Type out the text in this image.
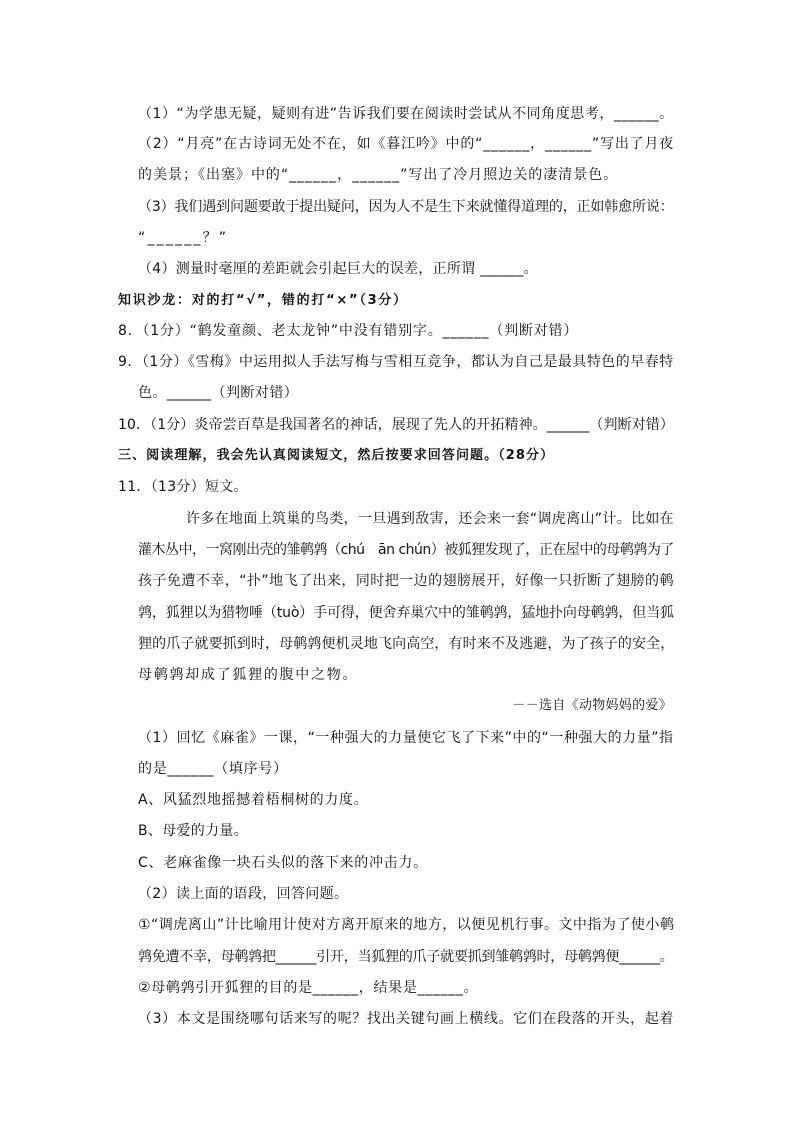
（1）“为学患无疑，疑则有进”告诉我们要在阅读时尝试从不同角度思考，______。
（2）“月亮”在古诗词无处不在，如《暮江吟》中的“______，______”写出了月夜
的美景；《出塞》中的“______，______”写出了冷月照边关的凄清景色。
（3）我们遇到问题要敢于提出疑问，因为人不是生下来就懂得道理的，正如韩愈所说：
“______？”
（4）测量时毫厘的差距就会引起巨大的误差，正所谓 ______。
知识沙龙：对的打“√”，错的打“×”（3分）
8．（1分）“鹤发童颜、老太龙钟”中没有错别字。______（判断对错）
9．（1分）《雪梅》中运用拟人手法写梅与雪相互竞争，都认为自己是最具特色的早春特
色。______（判断对错）
10．（1分）炎帝尝百草是我国著名的神话，展现了先人的开拓精神。______（判断对错）
三、阅读理解，我会先认真阅读短文，然后按要求回答问题。（28分）
11．（13分）短文。
许多在地面上筑巢的鸟类，一旦遇到敌害，还会来一套“调虎离山”计。比如在
灌木丛中，一窝刚出壳的雏鹌鹑（chú　ān chún）被狐狸发现了，正在屋中的母鹌鹑为了
孩子免遭不幸，“扑”地飞了出来，同时把一边的翅膀展开，好像一只折断了翅膀的鹌
鹑，狐狸以为猎物唾（tuò）手可得，便舍弃巢穴中的雏鹌鹑，猛地扑向母鹌鹑，但当狐
狸的爪子就要抓到时，母鹌鹑便机灵地飞向高空，有时来不及逃避，为了孩子的安全，
母鹌鹑却成了狐狸的腹中之物。
－－选自《动物妈妈的爱》
（1）回忆《麻雀》一课，“一种强大的力量使它飞了下来”中的“一种强大的力量”指
的是______（填序号）
A、风猛烈地摇撼着梧桐树的力度。
B、母爱的力量。
C、老麻雀像一块石头似的落下来的冲击力。
（2）读上面的语段，回答问题。
①“调虎离山”计比喻用计使对方离开原来的地方，以便见机行事。文中指为了使小鹌
鹑免遭不幸，母鹌鹑把______引开，当狐狸的爪子就要抓到雏鹌鹑时，母鹌鹑便______。
②母鹌鹑引开狐狸的目的是______，结果是______。
（3）本文是围绕哪句话来写的呢？找出关键句画上横线。它们在段落的开头，起着
